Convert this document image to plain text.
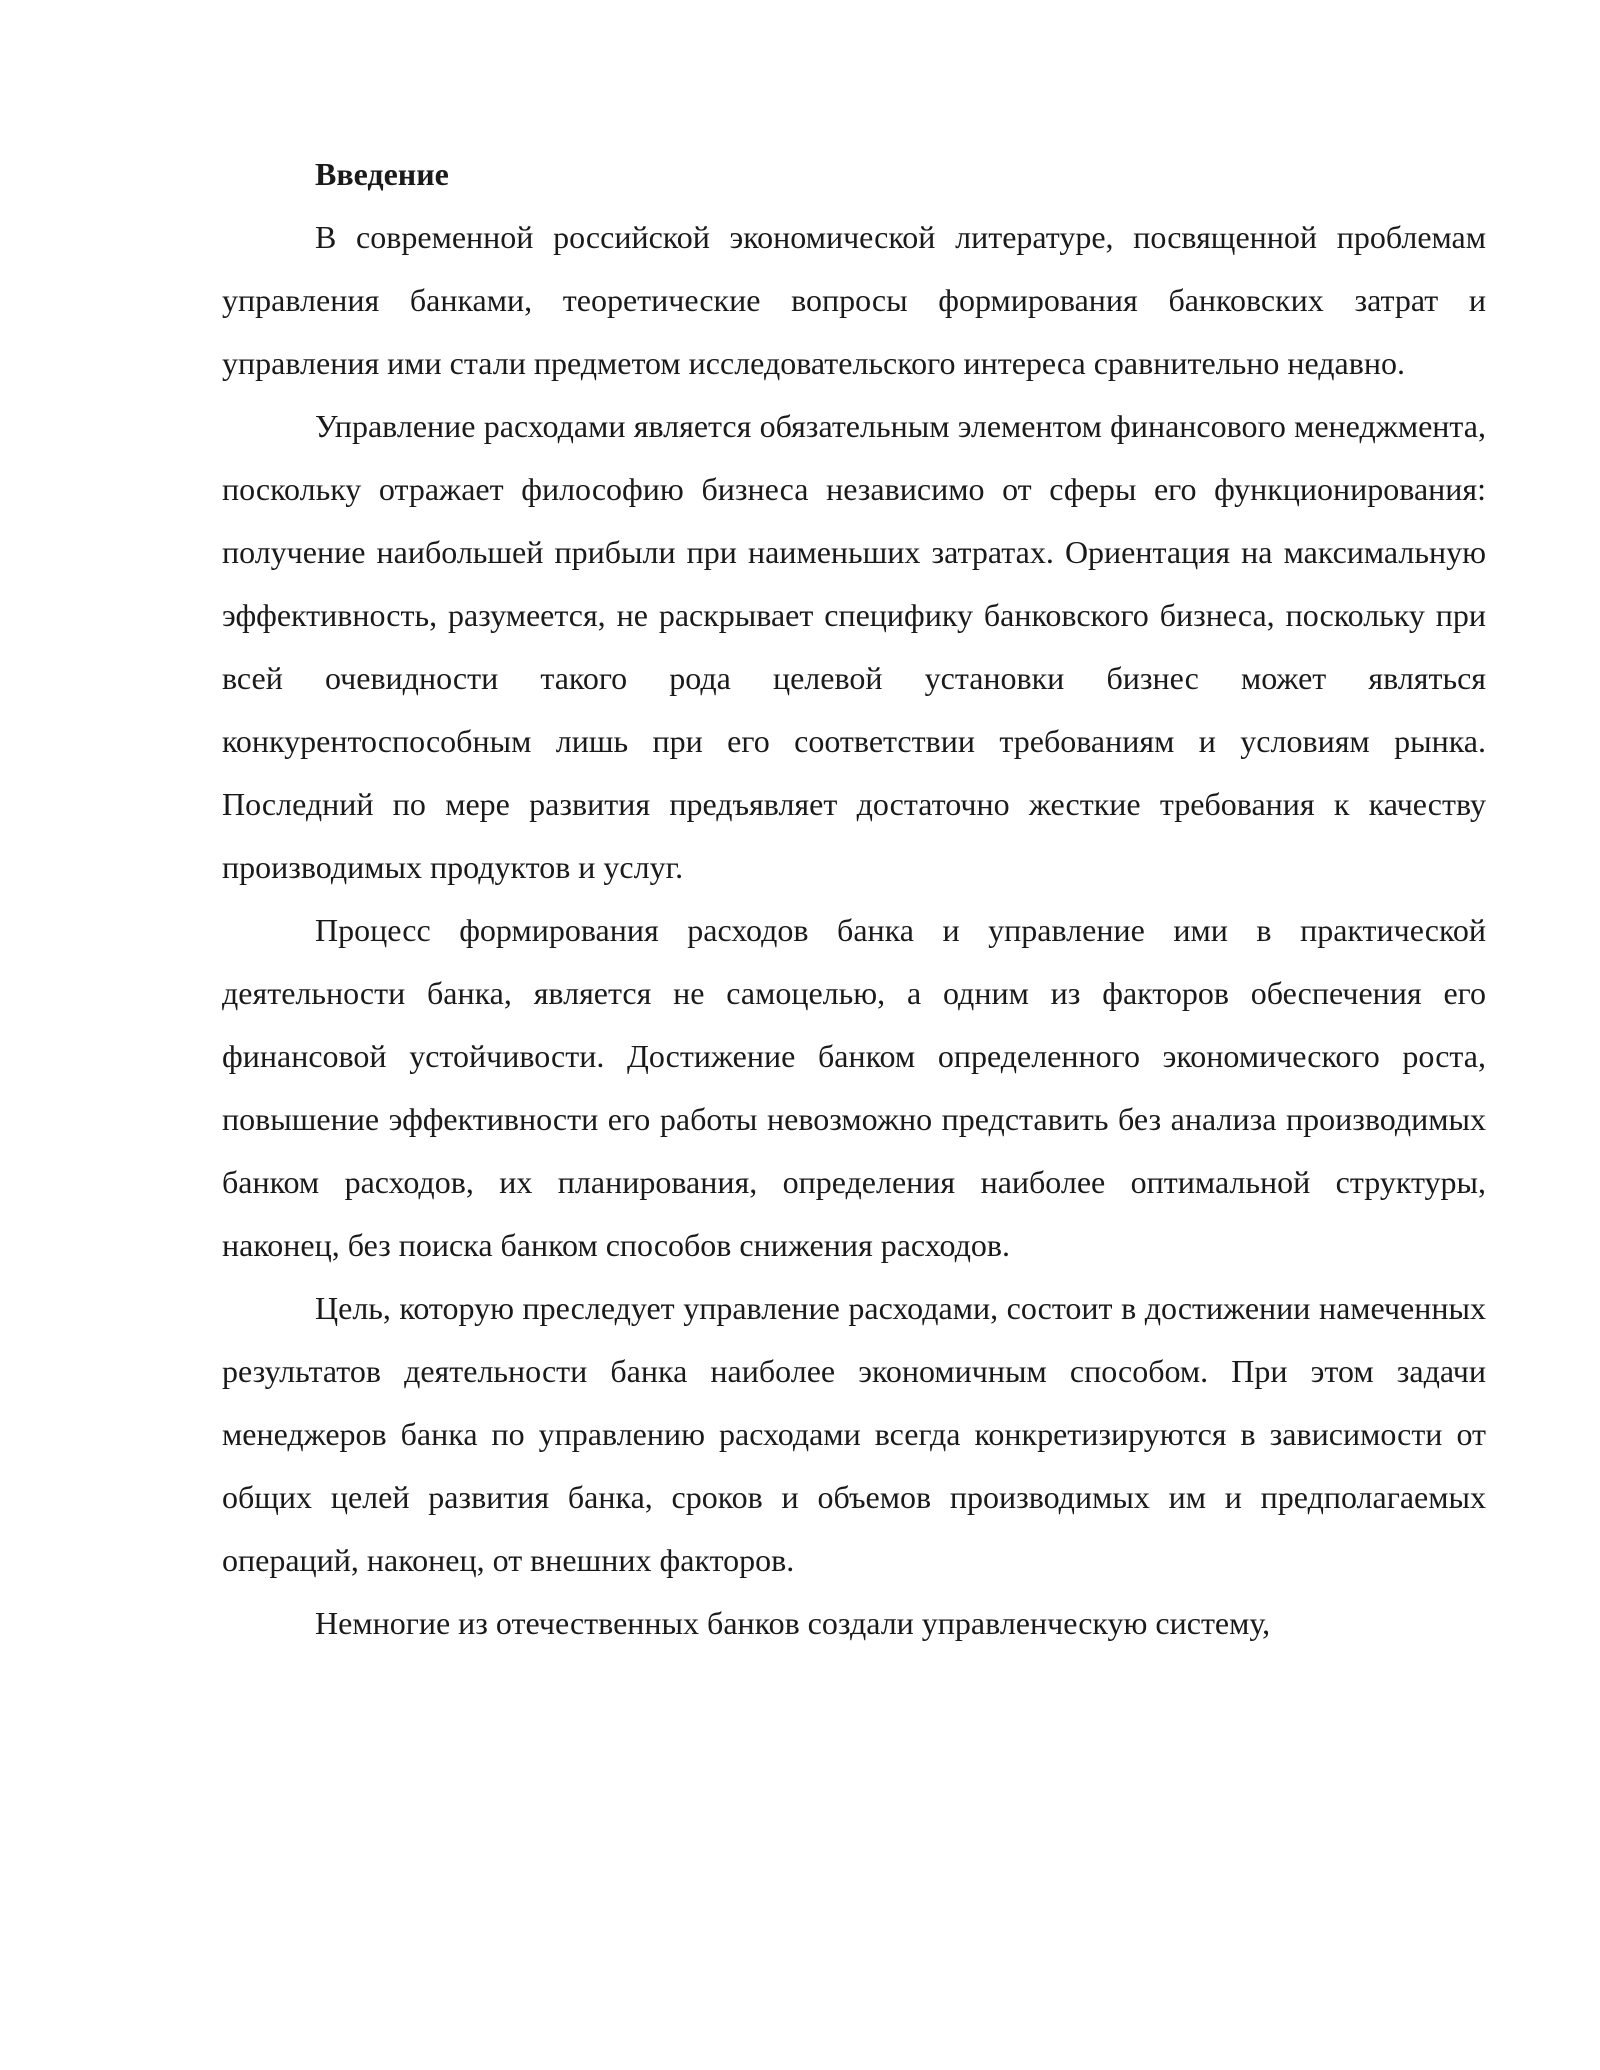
Введение

В современной российской экономической литературе, посвященной проблемам управления банками, теоретические вопросы формирования банковских затрат и управления ими стали предметом исследовательского интереса сравнительно недавно.

Управление расходами является обязательным элементом финансового менеджмента, поскольку отражает философию бизнеса независимо от сферы его функционирования: получение наибольшей прибыли при наименьших затратах. Ориентация на максимальную эффективность, разумеется, не раскрывает специфику банковского бизнеса, поскольку при всей очевидности такого рода целевой установки бизнес может являться конкурентоспособным лишь при его соответствии требованиям и условиям рынка. Последний по мере развития предъявляет достаточно жесткие требования к качеству производимых продуктов и услуг.

Процесс формирования расходов банка и управление ими в практической деятельности банка, является не самоцелью, а одним из факторов обеспечения его финансовой устойчивости. Достижение банком определенного экономического роста, повышение эффективности его работы невозможно представить без анализа производимых банком расходов, их планирования, определения наиболее оптимальной структуры, наконец, без поиска банком способов снижения расходов.

Цель, которую преследует управление расходами, состоит в достижении намеченных результатов деятельности банка наиболее экономичным способом. При этом задачи менеджеров банка по управлению расходами всегда конкретизируются в зависимости от общих целей развития банка, сроков и объемов производимых им и предполагаемых операций, наконец, от внешних факторов.

Немногие из отечественных банков создали управленческую систему,
